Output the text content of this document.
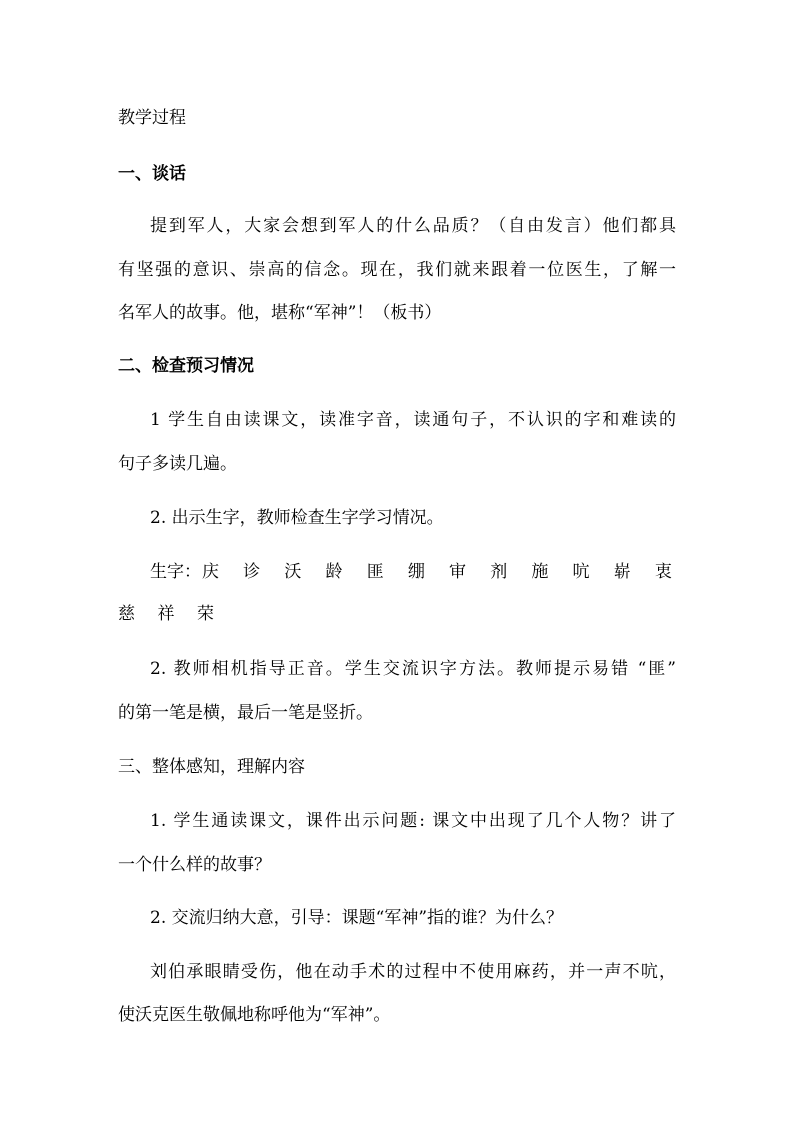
教学过程

一、谈话

提到军人，大家会想到军人的什么品质？（自由发言）他们都具

有坚强的意识、崇高的信念。现在，我们就来跟着一位医生，了解一

名军人的故事。他，堪称“军神”！（板书）

二、检查预习情况

1 学生自由读课文，读准字音，读通句子，不认识的字和难读的

句子多读几遍。

2. 出示生字，教师检查生字学习情况。

生字： 庆 诊 沃 龄 匪 绷 审 剂 施 吭 崭 衷
慈 祥 荣

2. 教师相机指导正音。学生交流识字方法。教师提示易错 “匪”

的第一笔是横，最后一笔是竖折。

三、整体感知，理解内容

1. 学生通读课文，课件出示问题: 课文中出现了几个人物？讲了

一个什么样的故事？

2. 交流归纳大意，引导：课题“军神”指的谁？为什么？

刘伯承眼睛受伤，他在动手术的过程中不使用麻药，并一声不吭，

使沃克医生敬佩地称呼他为“军神”。
